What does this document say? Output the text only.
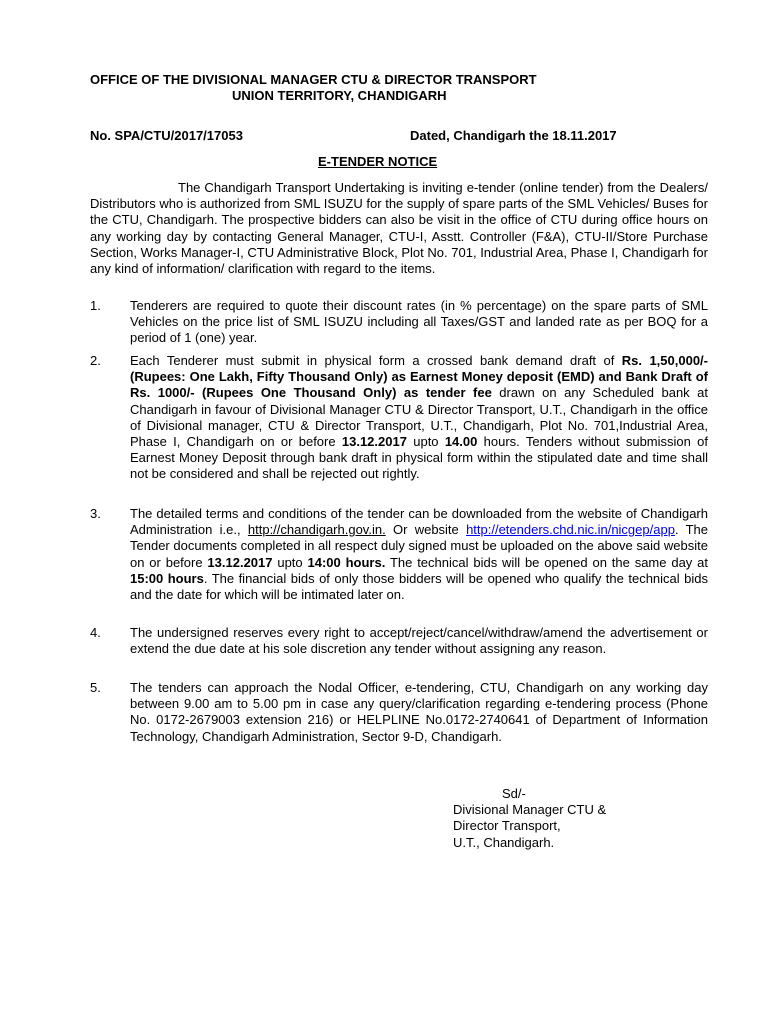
OFFICE OF THE DIVISIONAL MANAGER CTU & DIRECTOR TRANSPORT
UNION TERRITORY, CHANDIGARH
No. SPA/CTU/2017/17053	Dated, Chandigarh the 18.11.2017
E-TENDER NOTICE
The Chandigarh Transport Undertaking is inviting e-tender (online tender) from the Dealers/ Distributors who is authorized from SML ISUZU for the supply of spare parts of the SML Vehicles/ Buses for the CTU, Chandigarh. The prospective bidders can also be visit in the office of CTU during office hours on any working day by contacting General Manager, CTU-I, Asstt. Controller (F&A), CTU-II/Store Purchase Section, Works Manager-I, CTU Administrative Block, Plot No. 701, Industrial Area, Phase I, Chandigarh for any kind of information/ clarification with regard to the items.
1.	Tenderers are required to quote their discount rates (in % percentage) on the spare parts of SML Vehicles on the price list of SML ISUZU including all Taxes/GST and landed rate as per BOQ for a period of 1 (one) year.
2.	Each Tenderer must submit in physical form a crossed bank demand draft of Rs. 1,50,000/- (Rupees: One Lakh, Fifty Thousand Only) as Earnest Money deposit (EMD) and Bank Draft of Rs. 1000/- (Rupees One Thousand Only) as tender fee drawn on any Scheduled bank at Chandigarh in favour of Divisional Manager CTU & Director Transport, U.T., Chandigarh in the office of Divisional manager, CTU & Director Transport, U.T., Chandigarh, Plot No. 701,Industrial Area, Phase I, Chandigarh on or before 13.12.2017 upto 14.00 hours. Tenders without submission of Earnest Money Deposit through bank draft in physical form within the stipulated date and time shall not be considered and shall be rejected out rightly.
3.	The detailed terms and conditions of the tender can be downloaded from the website of Chandigarh Administration i.e., http://chandigarh.gov.in. Or website http://etenders.chd.nic.in/nicgep/app. The Tender documents completed in all respect duly signed must be uploaded on the above said website on or before 13.12.2017 upto 14:00 hours. The technical bids will be opened on the same day at 15:00 hours. The financial bids of only those bidders will be opened who qualify the technical bids and the date for which will be intimated later on.
4.	The undersigned reserves every right to accept/reject/cancel/withdraw/amend the advertisement or extend the due date at his sole discretion any tender without assigning any reason.
5.	The tenders can approach the Nodal Officer, e-tendering, CTU, Chandigarh on any working day between 9.00 am to 5.00 pm in case any query/clarification regarding e-tendering process (Phone No. 0172-2679003 extension 216) or HELPLINE No.0172-2740641 of Department of Information Technology, Chandigarh Administration, Sector 9-D, Chandigarh.
Sd/-
Divisional Manager CTU &
Director Transport,
U.T., Chandigarh.
